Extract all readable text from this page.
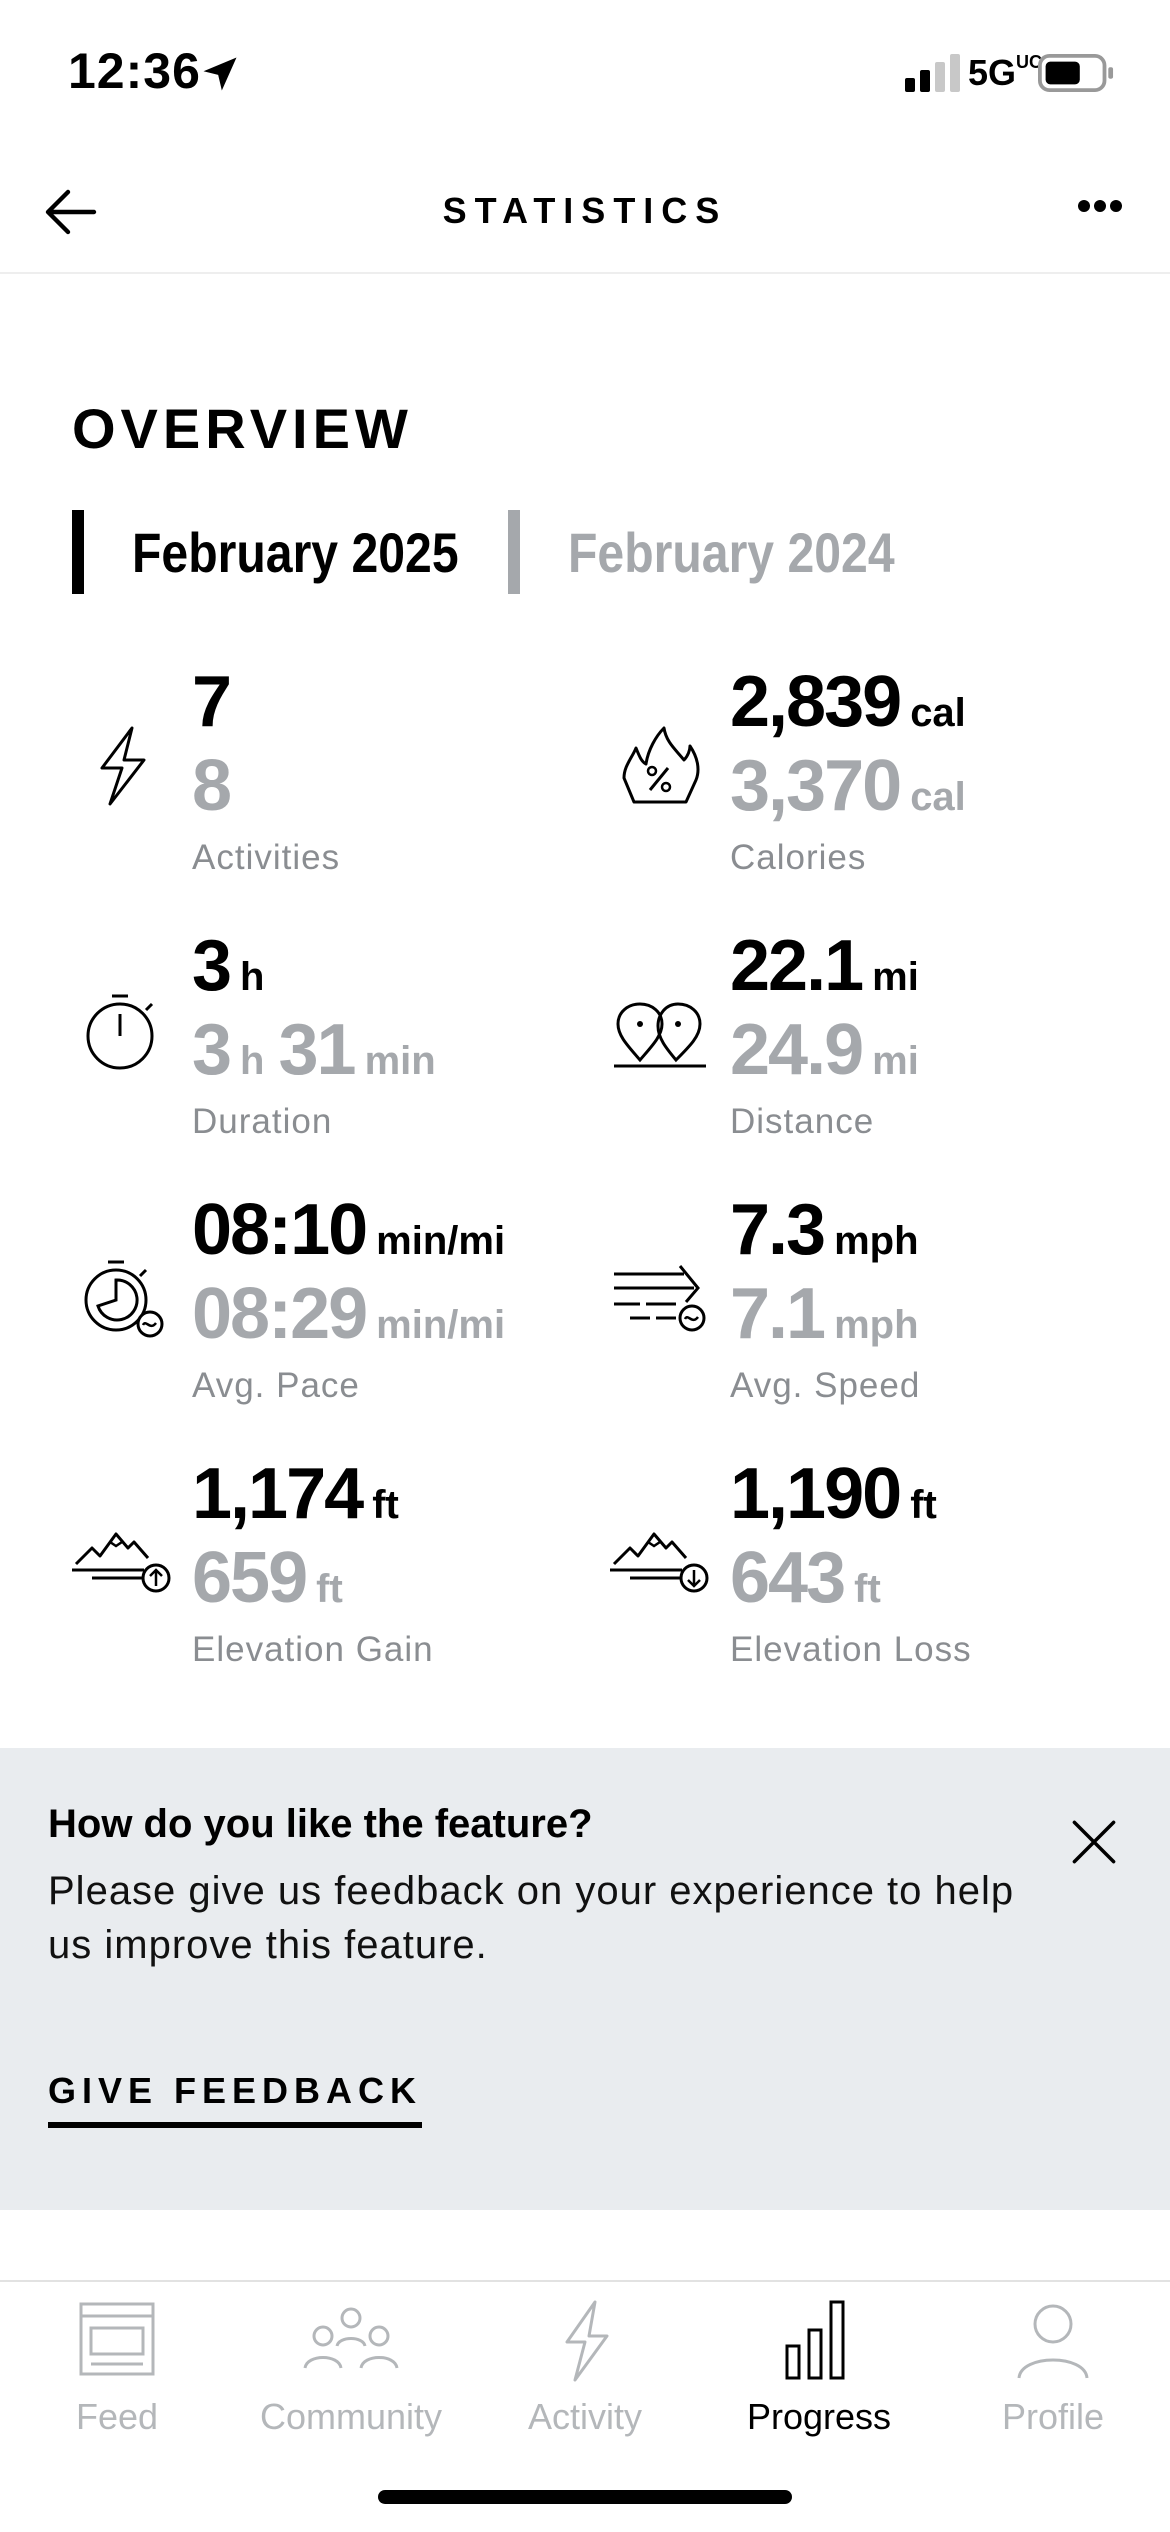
12:36	$5G^{UC}$
STATISTICS
OVERVIEW
February 2025 February 2024
7
8
Activities
2,839 cal
3,370 cal
Calories
3 h
3 h 31 min
Duration
22.1 mi
24.9 mi
Distance
08:10 min/mi
08:29 min/mi
Avg. Pace
7.3 mph
7.1 mph
Avg. Speed
1,174 ft
659 ft
Elevation Gain
1,190 ft
643 ft
Elevation Loss
How do you like the feature?
Please give us feedback on your experience to help us improve this feature.
GIVE FEEDBACK
Feed	Community Activity	Progress	Profile
